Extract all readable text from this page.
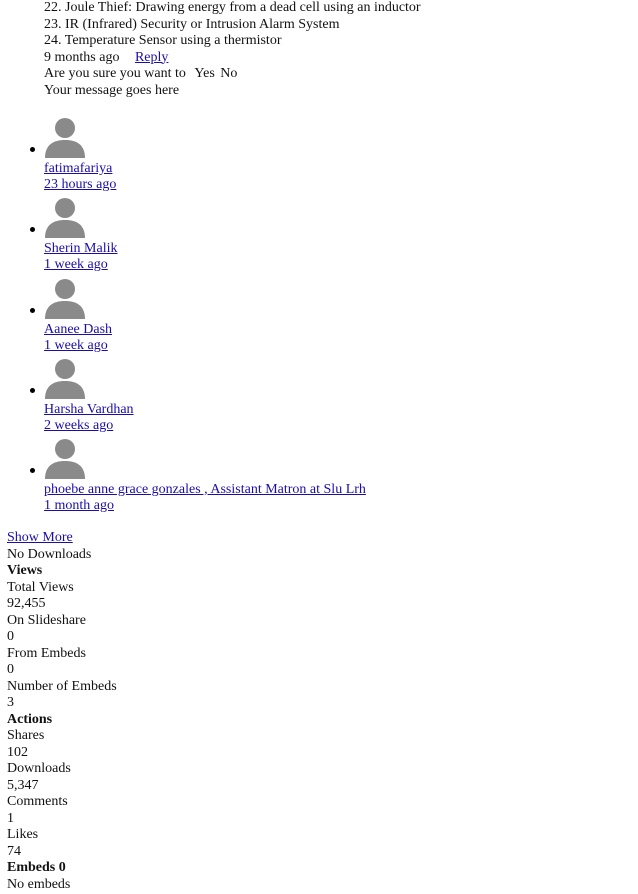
22. Joule Thief: Drawing energy from a dead cell using an inductor
23. IR (Infrared) Security or Intrusion Alarm System
24. Temperature Sensor using a thermistor
9 months ago Reply
Are you sure you want to Yes No
Your message goes here
fatimafariya
23 hours ago
Sherin Malik
1 week ago
Aanee Dash
1 week ago
Harsha Vardhan
2 weeks ago
phoebe anne grace gonzales , Assistant Matron at Slu Lrh
1 month ago
Show More
No Downloads
Views
Total Views
92,455
On Slideshare
0
From Embeds
0
Number of Embeds
3
Actions
Shares
102
Downloads
5,347
Comments
1
Likes
74
Embeds 0
No embeds
